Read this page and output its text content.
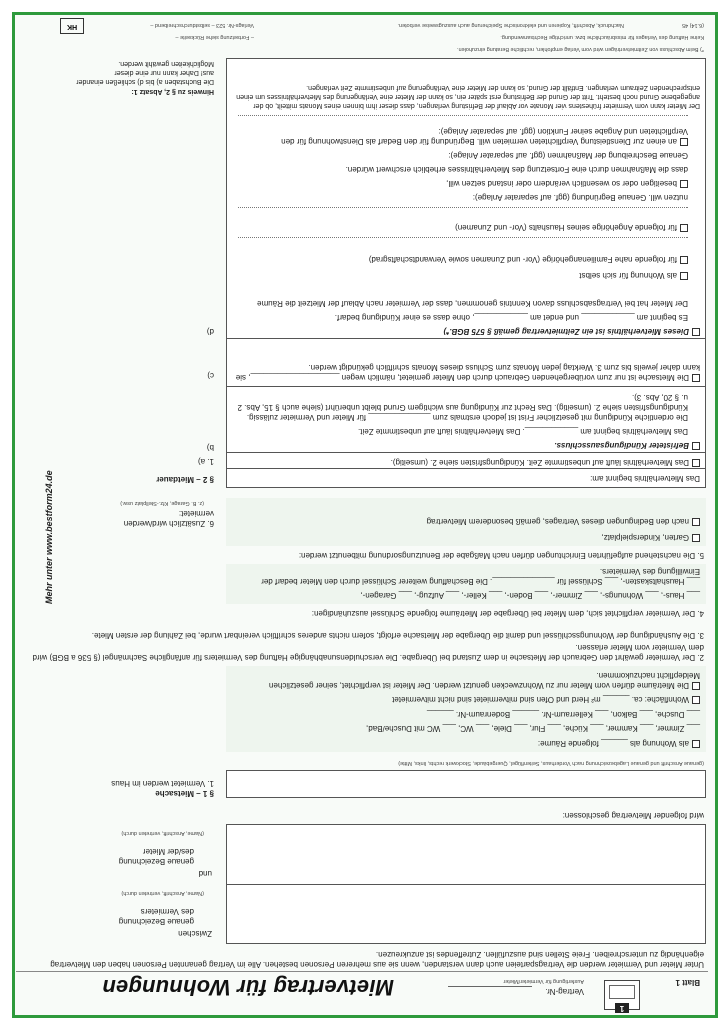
Mietvertrag für Wohnungen	Blatt 1
1
Vertrag-Nr.
Ausfertigung für Vermieter/Mieter
Unter Mieter und Vermieter werden die Vertragsparteien auch dann verstanden, wenn sie aus mehreren Personen bestehen. Alle im Vertrag genannten Personen haben den Mietvertrag eigenhändig zu unterschreiben. Freie Stellen sind auszufüllen. Zutreffendes ist anzukreuzen.
Zwischen
genaue Bezeichnung des Vermieters
(Name, Anschrift, vertreten durch)
und
genaue Bezeichnung des/der Mieter
(Name, Anschrift, vertreten durch)
wird folgender Mietvertrag geschlossen:
§ 1 – Mietsache
1. Vermietet werden im Haus
(genaue Anschrift und genaue Lagebezeichnung nach Vorderhaus, Seitenflügel, Quergebäude, Stockwerk rechts, links, Mitte)
als Wohnung als ______ folgende Räume:
___ Zimmer, ___ Kammer, ___ Küche, ___ Flur, ___ Diele, ___ WC, ___ WC mit Dusche/Bad,
___ Dusche, ___ Balkon, ___ Kellerraum-Nr. ______ Bodenraum-Nr. ______
Wohnfläche: ca. ______ m² Herd und Ofen sind mitvermietet sind nicht mitvermietet
Die Mieträume dürfen vom Mieter nur zu Wohnzwecken genutzt werden. Der Mieter ist verpflichtet, seiner gesetzlichen Meldepflicht nachzukommen.
2. Der Vermieter gewährt den Gebrauch der Mietsache in dem Zustand bei Übergabe. Die verschuldensunabhängige Haftung des Vermieters für anfängliche Sachmängel (§ 536 a BGB) wird dem Vermieter vom Mieter erlassen.
3. Die Aushändigung der Wohnungsschlüssel und damit die Übergabe der Mietsache erfolgt, sofern nichts anderes schriftlich vereinbart wurde, bei Zahlung der ersten Miete.
4. Der Vermieter verpflichtet sich, dem Mieter bei Übergabe der Mieträume folgende Schlüssel auszuhändigen:
___ Haus-, ___ Wohnungs-, ___ Zimmer-, ___ Boden-, ___ Keller-, ___ Aufzug-, ___ Garagen-,
___ Haushaltskasten-, ___ Schlüssel für ______________. Die Beschaffung weiterer Schlüssel durch den Mieter bedarf der Einwilligung des Vermieters.
5. Die nachstehend aufgeführten Einrichtungen dürfen nach Maßgabe der Benutzungsordnung mitbenutzt werden:
Garten, Kinderspielplatz,
nach den Bedingungen dieses Vertrages, gemäß besonderem Mietvertrag
6. Zusätzlich wird/werden vermietet:
(z. B. Garage, Kfz.-Stellplatz usw.)
§ 2 – Mietdauer	Das Mietverhältnis beginnt am:
1. a)	Das Mietverhältnis läuft auf unbestimmte Zeit. Kündigungsfristen siehe 2. (umseitig).
b)	Befristeter Kündigungsausschluss.
Das Mietverhältnis beginnt am ____________. Das Mietverhältnis läuft auf unbestimmte Zeit.
Die ordentliche Kündigung mit gesetzlicher Frist ist jedoch erstmals zum ______________ für Mieter und Vermieter zulässig. Kündigungsfristen siehe 2. (umseitig). Das Recht zur Kündigung aus wichtigem Grund bleibt unberührt (siehe auch § 15, Abs. 2 u. § 20, Abs. 3).
c)	Die Mietsache ist nur zum vorübergehenden Gebrauch durch den Mieter gemietet, nämlich wegen ____________________, sie kann daher jeweils bis zum 3. Werktag jeden Monats zum Schluss dieses Monats schriftlich gekündigt werden.
d)	Dieses Mietverhältnis ist ein Zeitmietvertrag gemäß § 575 BGB.*)
Es beginnt am ____________ und endet am ____________, ohne dass es einer Kündigung bedarf.
Der Mieter hat bei Vertragsabschluss davon Kenntnis genommen, dass der Vermieter nach Ablauf der Mietzeit die Räume
als Wohnung für sich selbst
für folgende nahe Familienangehörige (Vor- und Zunamen sowie Verwandtschaftsgrad)
für folgende Angehörige seines Haushalts (Vor- und Zunamen)
nutzen will. Genaue Begründung (ggf. auf separater Anlage):
beseitigen oder so wesentlich verändern oder instand setzen will,
dass die Maßnahmen durch eine Fortsetzung des Mietverhältnisses erheblich erschwert würden.
Genaue Beschreibung der Maßnahmen (ggf. auf separater Anlage):
an einen zur Dienstleistung Verpflichteten vermieten will. Begründung für den Bedarf als Dienstwohnung für den Verpflichteten und Angabe seiner Funktion (ggf. auf separater Anlage):
Der Mieter kann vom Vermieter frühestens vier Monate vor Ablauf der Befristung verlangen, dass dieser ihm binnen eines Monats mitteilt, ob der angegebene Grund noch besteht. Tritt der Grund der Befristung erst später ein, so kann der Mieter eine Verlängerung des Mietverhältnisses um einen entsprechenden Zeitraum verlangen. Entfällt der Grund, so kann der Mieter eine Verlängerung auf unbestimmte Zeit verlangen.
Hinweis zu § 2, Absatz 1:
Die Buchstaben a) bis d) schließen einander aus! Daher kann nur eine dieser Möglichkeiten gewählt werden.
*) Beim Abschluss von Zeitmietverträgen wird vom Verlag empfohlen, rechtliche Beratung einzuholen.
Keine Haftung des Verlages für missbräuchliche bzw. unrichtige Rechtsanwendung.
– Fortsetzung siehe Rückseite –
(6.14) 45
Nachdruck, Abschrift, Kopieren und elektronische Speicherung auch auszugsweise verboten.
Verlags-Nr. 523 – selbstdurchschreibend –
HK
Mehr unter www.bestform24.de
